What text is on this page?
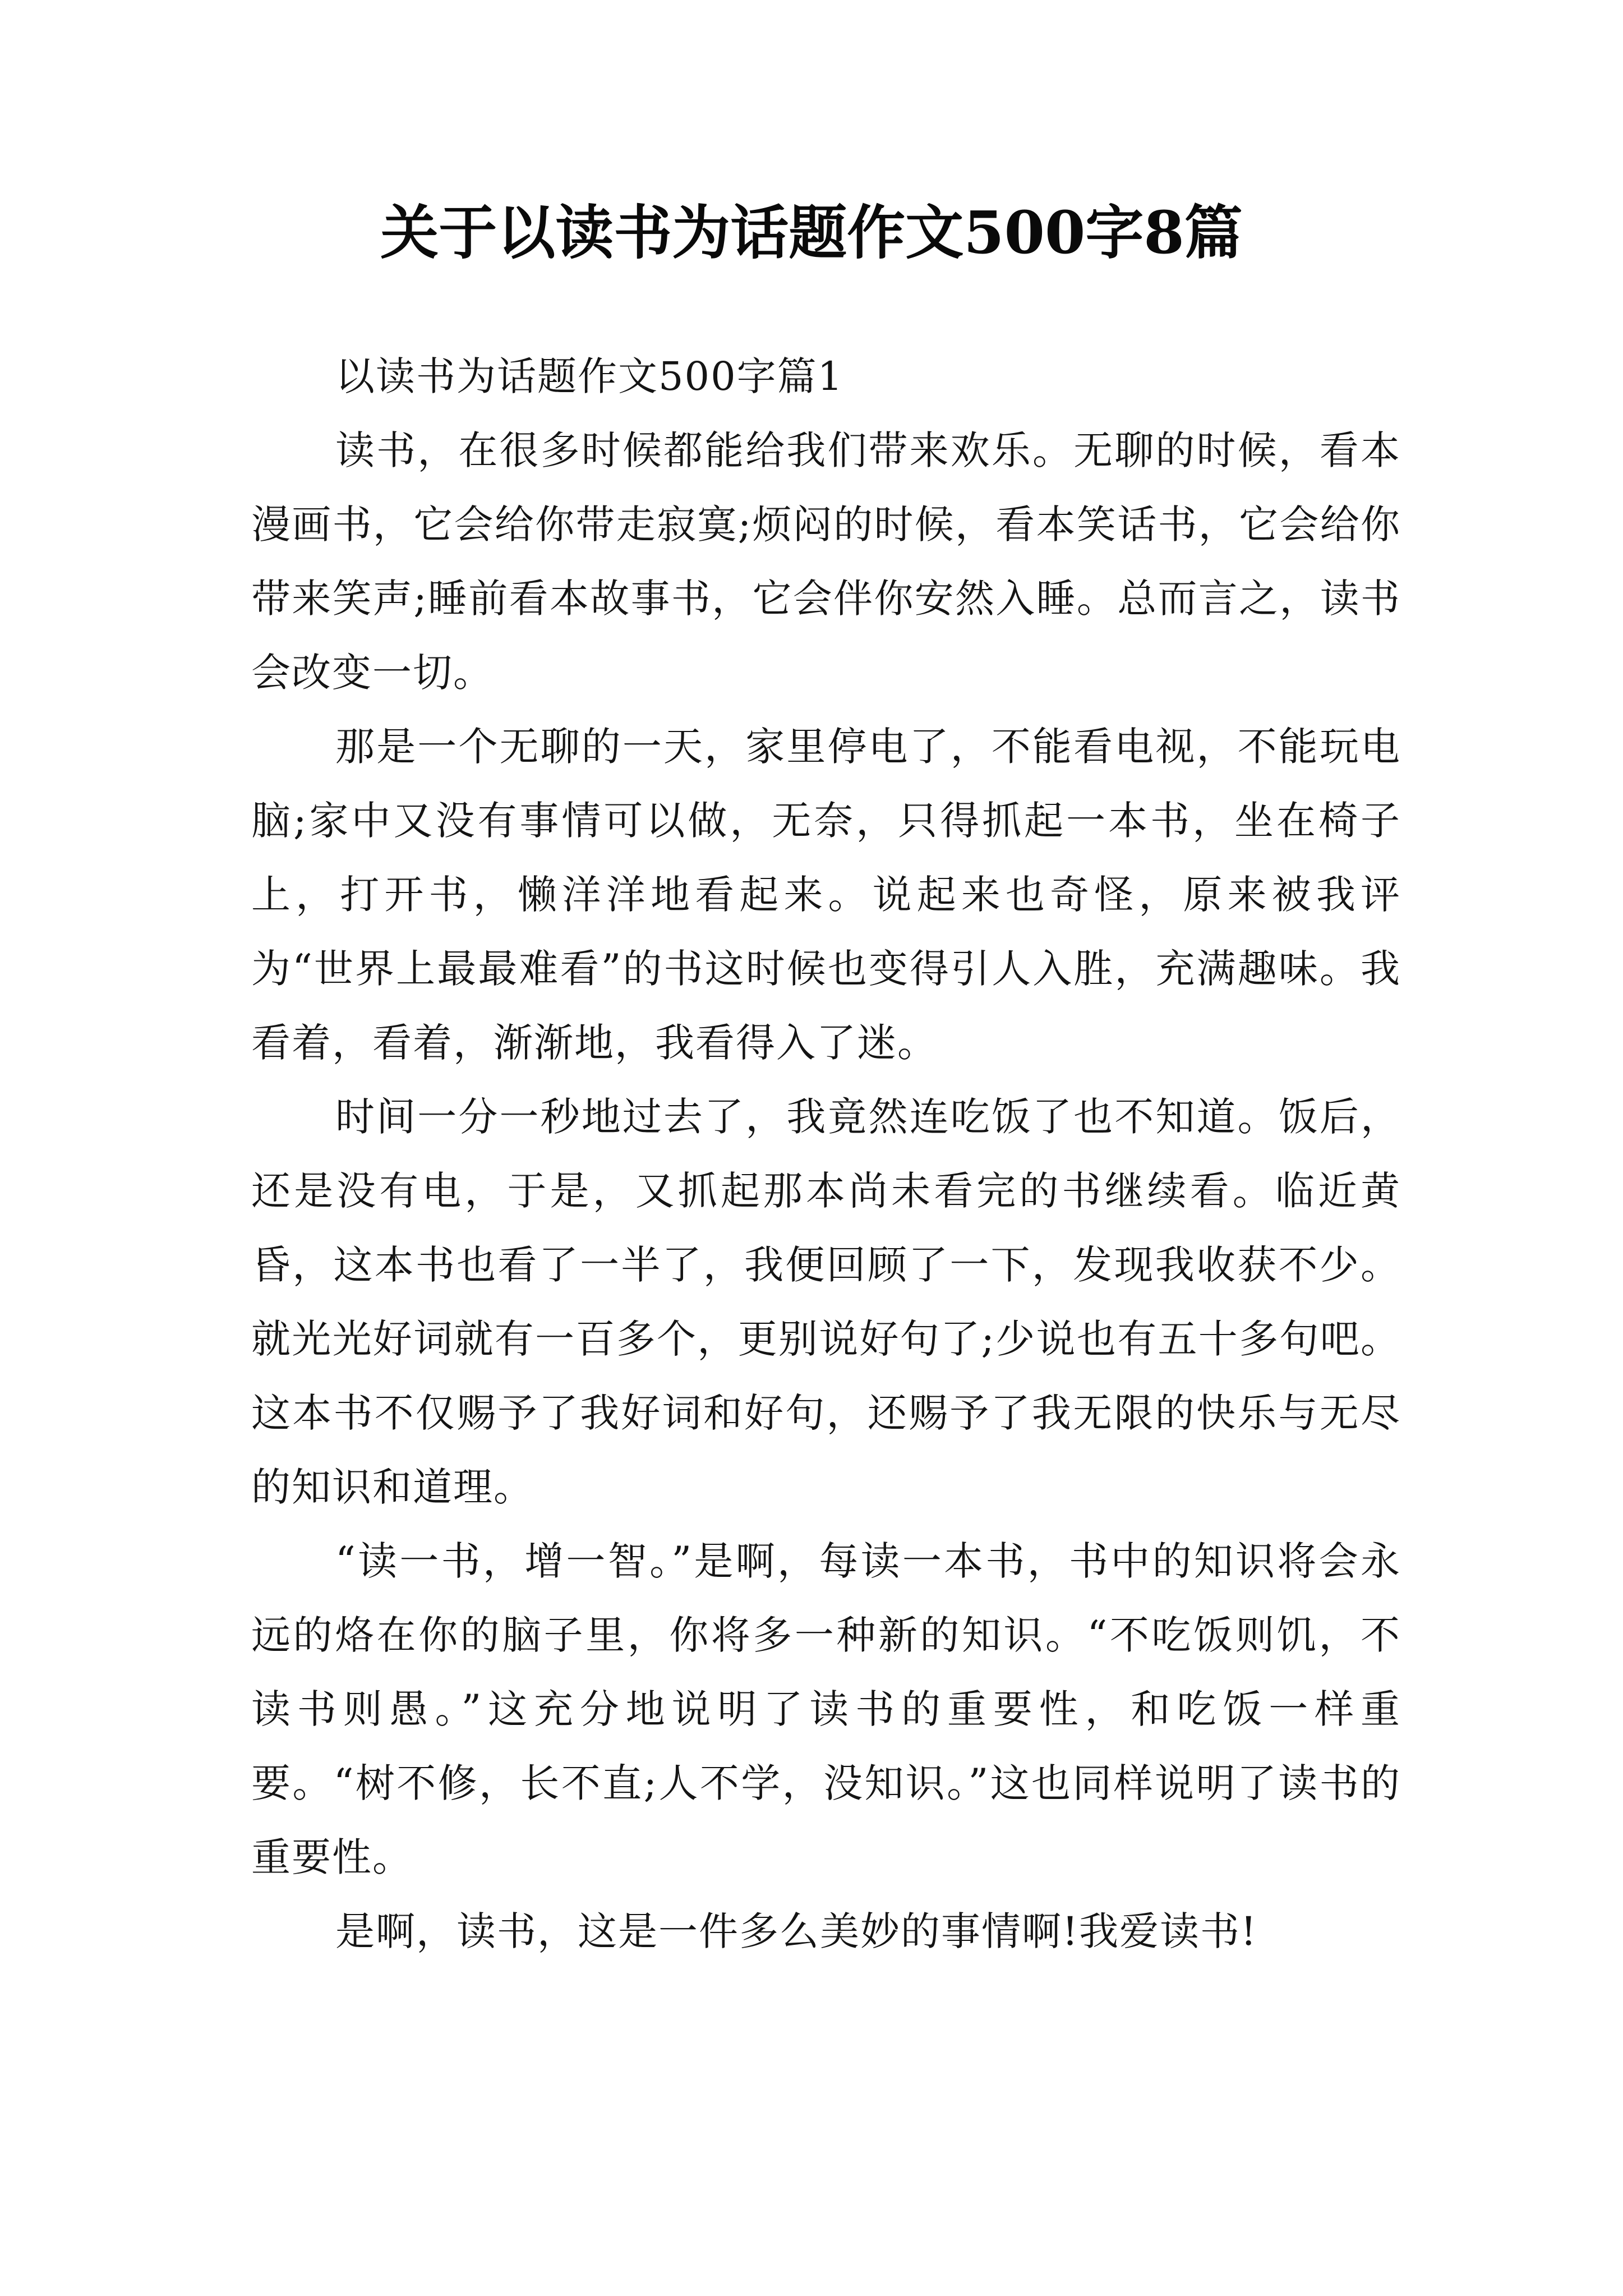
关于以读书为话题作文500字8篇

以读书为话题作文500字篇1

读书，在很多时候都能给我们带来欢乐。无聊的时候，看本漫画书，它会给你带走寂寞;烦闷的时候，看本笑话书，它会给你带来笑声;睡前看本故事书，它会伴你安然入睡。总而言之，读书会改变一切。

那是一个无聊的一天，家里停电了，不能看电视，不能玩电脑;家中又没有事情可以做，无奈，只得抓起一本书，坐在椅子上，打开书，懒洋洋地看起来。说起来也奇怪，原来被我评为“世界上最最难看”的书这时候也变得引人入胜，充满趣味。我看着，看着，渐渐地，我看得入了迷。

时间一分一秒地过去了，我竟然连吃饭了也不知道。饭后，还是没有电，于是，又抓起那本尚未看完的书继续看。临近黄昏，这本书也看了一半了，我便回顾了一下，发现我收获不少。就光光好词就有一百多个，更别说好句了;少说也有五十多句吧。这本书不仅赐予了我好词和好句，还赐予了我无限的快乐与无尽的知识和道理。

“读一书，增一智。”是啊，每读一本书，书中的知识将会永远的烙在你的脑子里，你将多一种新的知识。“不吃饭则饥，不读书则愚。”这充分地说明了读书的重要性，和吃饭一样重要。“树不修，长不直;人不学，没知识。”这也同样说明了读书的重要性。

是啊，读书，这是一件多么美妙的事情啊!我爱读书!
